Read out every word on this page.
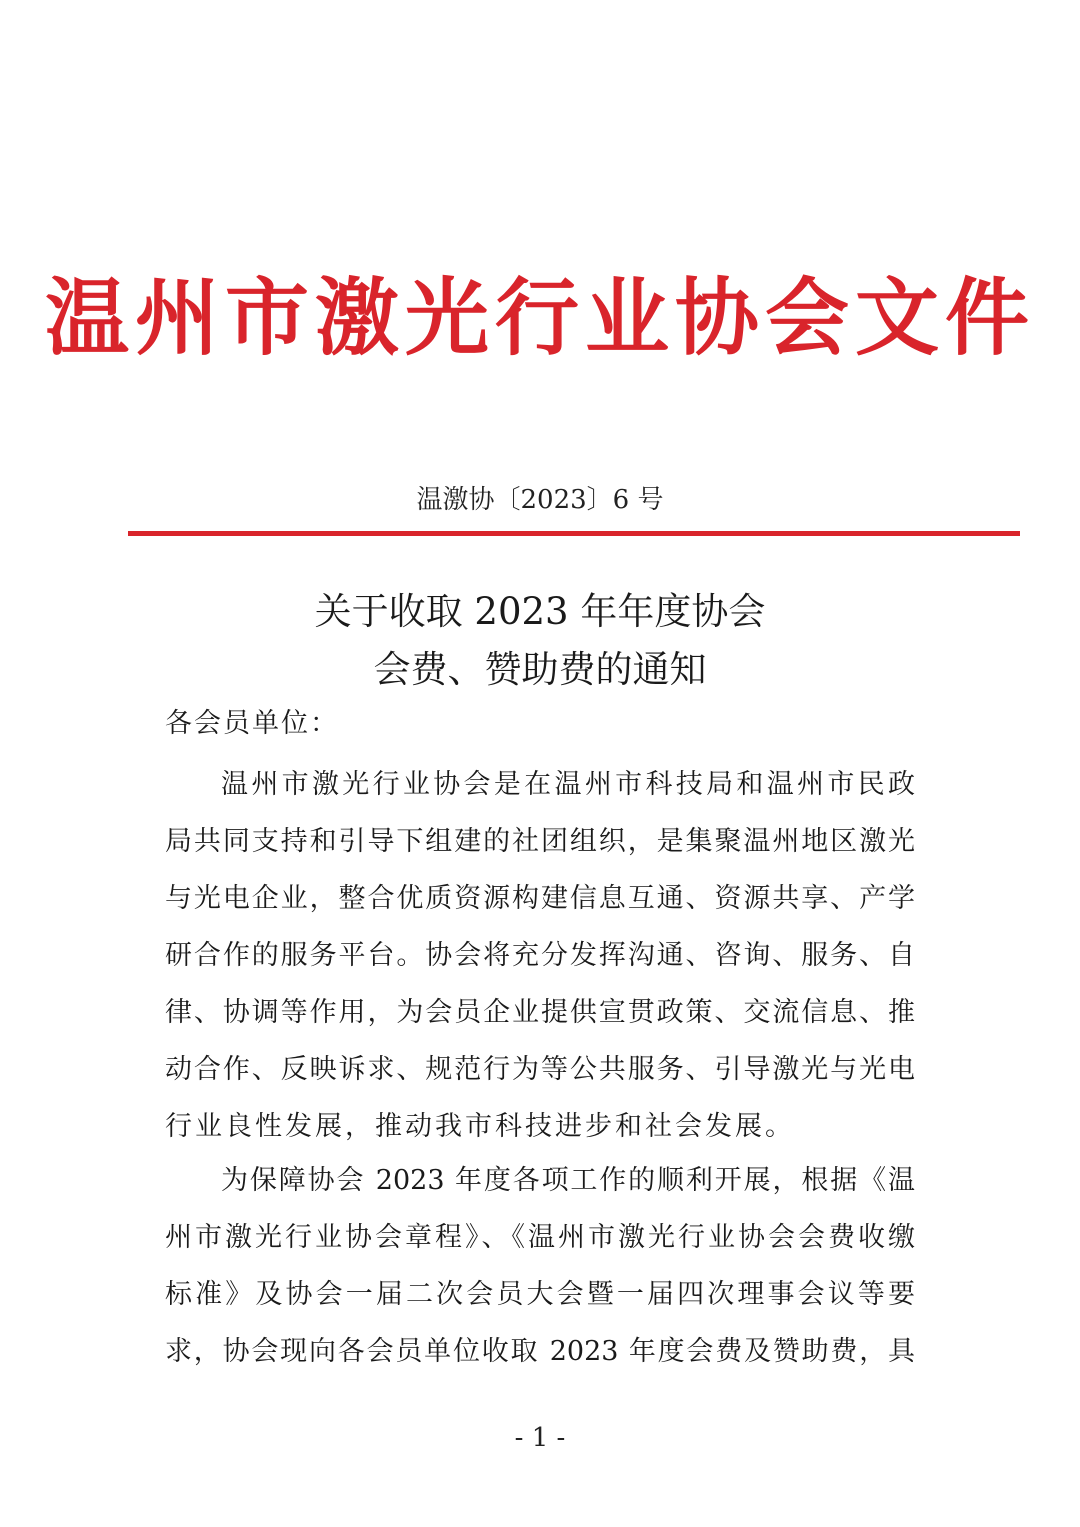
温州市激光行业协会文件
温激协〔2023〕6 号
关于收取 2023 年年度协会
会费、赞助费的通知
各会员单位：
温州市激光行业协会是在温州市科技局和温州市民政
局共同支持和引导下组建的社团组织，是集聚温州地区激光
与光电企业，整合优质资源构建信息互通、资源共享、产学
研合作的服务平台。协会将充分发挥沟通、咨询、服务、自
律、协调等作用，为会员企业提供宣贯政策、交流信息、推
动合作、反映诉求、规范行为等公共服务、引导激光与光电
行业良性发展，推动我市科技进步和社会发展。
为保障协会 2023 年度各项工作的顺利开展，根据《温
州市激光行业协会章程》、《温州市激光行业协会会费收缴
标准》及协会一届二次会员大会暨一届四次理事会议等要
求，协会现向各会员单位收取 2023 年度会费及赞助费，具
- 1 -
